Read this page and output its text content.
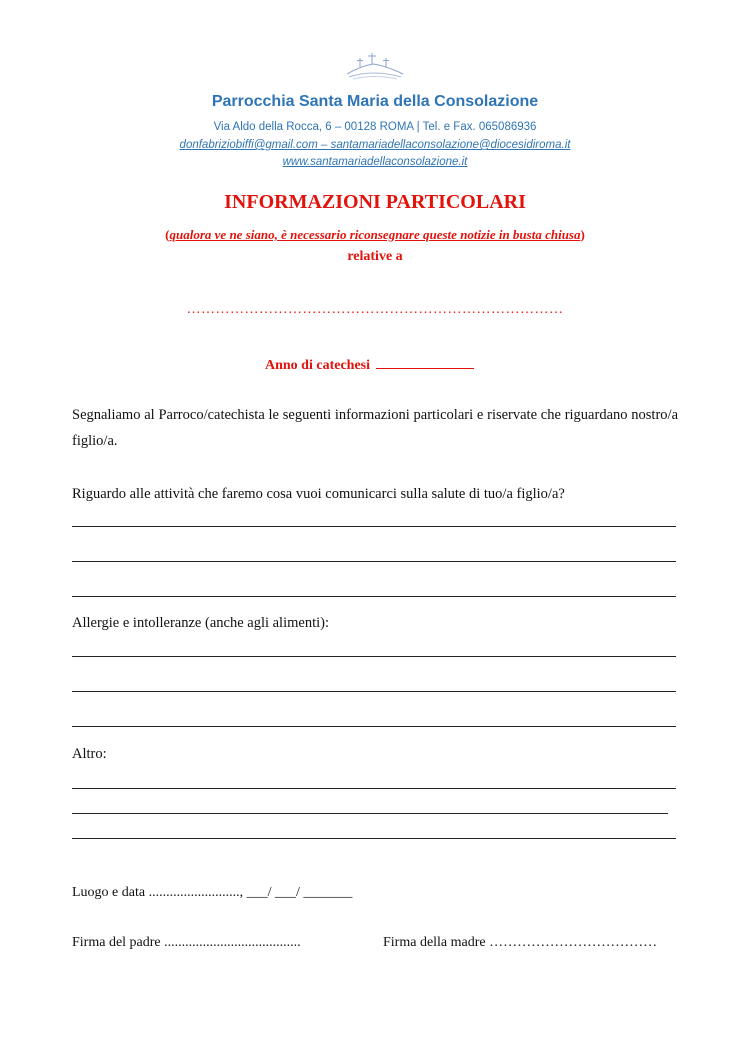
Parrocchia Santa Maria della Consolazione
Via Aldo della Rocca, 6 – 00128 ROMA | Tel. e Fax. 065086936
donfabriziobiffi@gmail.com – santamariadellaconsolazione@diocesidiroma.it
www.santamariadellaconsolazione.it
INFORMAZIONI PARTICOLARI
(qualora ve ne siano, è necessario riconsegnare queste notizie in busta chiusa)
relative a
……………………………………………………………………
Anno di catechesi
Segnaliamo al Parroco/catechista le seguenti informazioni particolari e riservate che riguardano nostro/a figlio/a.
Riguardo alle attività che faremo cosa vuoi comunicarci sulla salute di tuo/a figlio/a?
Allergie e intolleranze (anche agli alimenti):
Altro:
Luogo e data .........................., ___/ ___/ _______
Firma del padre .......................................	Firma della madre ………………………………
